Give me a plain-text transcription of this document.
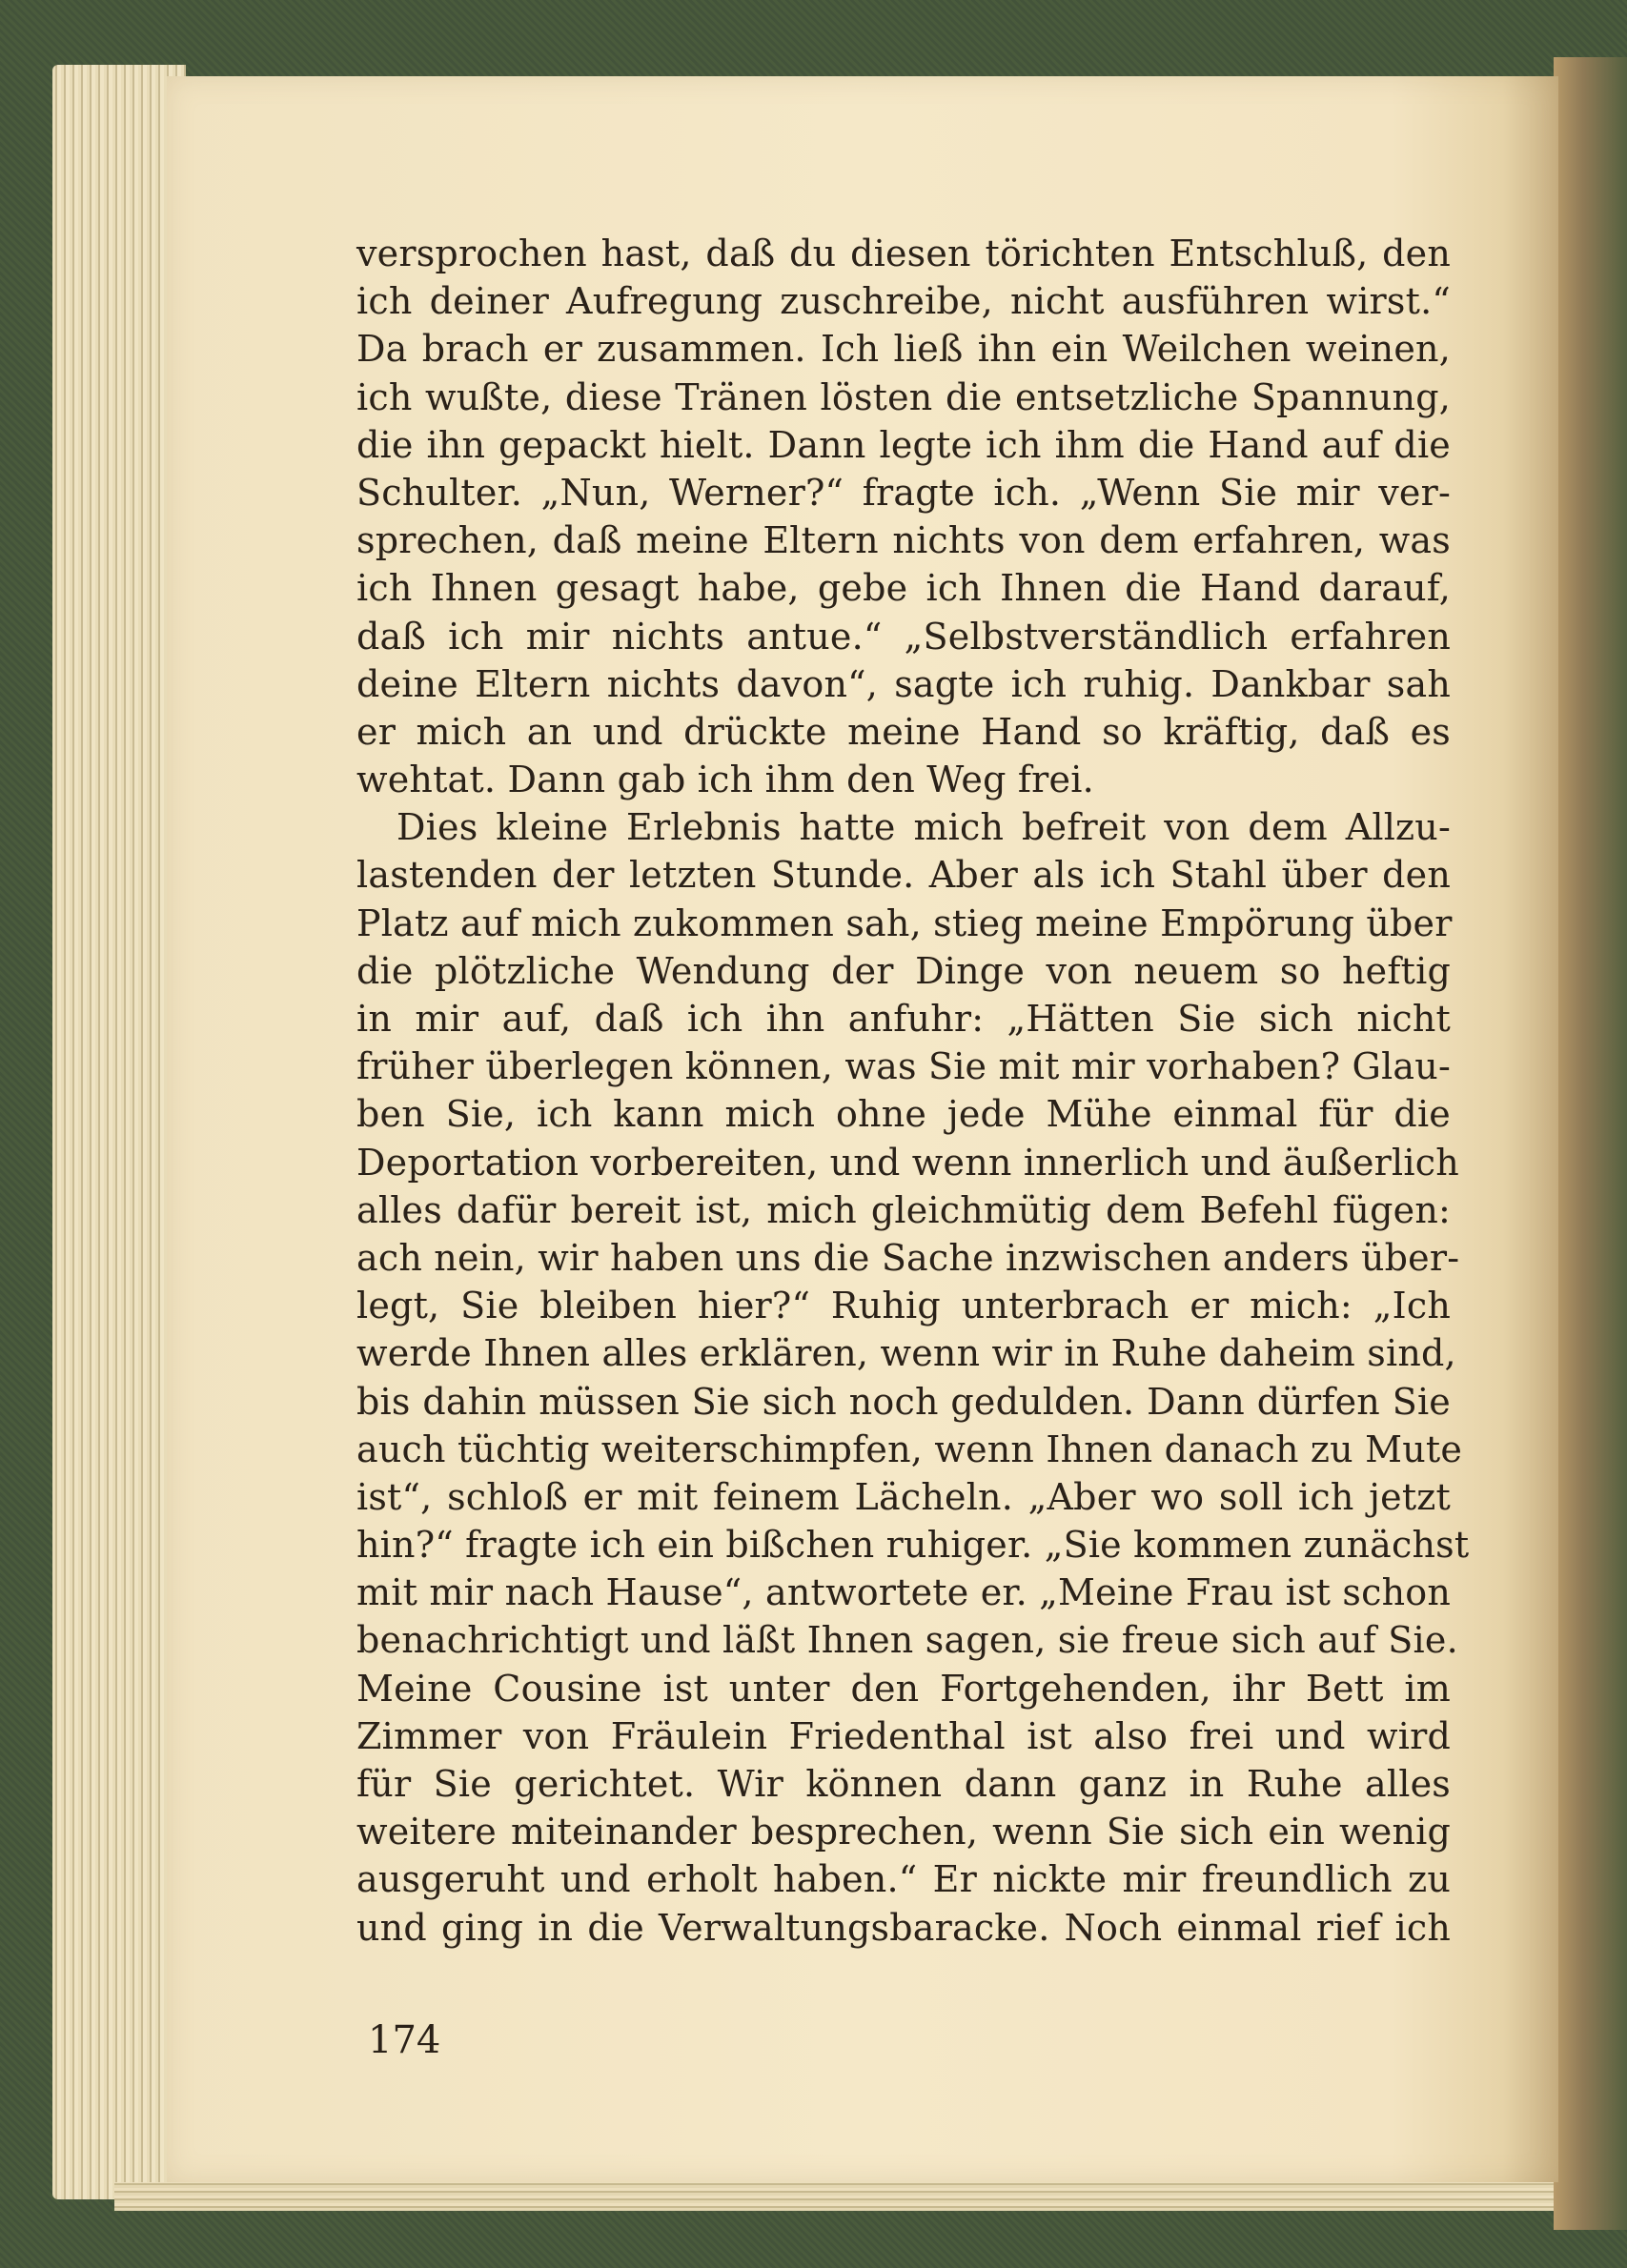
versprochen hast, daß du diesen törichten Entschluß, den
ich deiner Aufregung zuschreibe, nicht ausführen wirst.“
Da brach er zusammen. Ich ließ ihn ein Weilchen weinen,
ich wußte, diese Tränen lösten die entsetzliche Spannung,
die ihn gepackt hielt. Dann legte ich ihm die Hand auf die
Schulter. „Nun, Werner?“ fragte ich. „Wenn Sie mir ver-
sprechen, daß meine Eltern nichts von dem erfahren, was
ich Ihnen gesagt habe, gebe ich Ihnen die Hand darauf,
daß ich mir nichts antue.“ „Selbstverständlich erfahren
deine Eltern nichts davon“, sagte ich ruhig. Dankbar sah
er mich an und drückte meine Hand so kräftig, daß es
wehtat. Dann gab ich ihm den Weg frei.
Dies kleine Erlebnis hatte mich befreit von dem Allzu-
lastenden der letzten Stunde. Aber als ich Stahl über den
Platz auf mich zukommen sah, stieg meine Empörung über
die plötzliche Wendung der Dinge von neuem so heftig
in mir auf, daß ich ihn anfuhr: „Hätten Sie sich nicht
früher überlegen können, was Sie mit mir vorhaben? Glau-
ben Sie, ich kann mich ohne jede Mühe einmal für die
Deportation vorbereiten, und wenn innerlich und äußerlich
alles dafür bereit ist, mich gleichmütig dem Befehl fügen:
ach nein, wir haben uns die Sache inzwischen anders über-
legt, Sie bleiben hier?“ Ruhig unterbrach er mich: „Ich
werde Ihnen alles erklären, wenn wir in Ruhe daheim sind,
bis dahin müssen Sie sich noch gedulden. Dann dürfen Sie
auch tüchtig weiterschimpfen, wenn Ihnen danach zu Mute
ist“, schloß er mit feinem Lächeln. „Aber wo soll ich jetzt
hin?“ fragte ich ein bißchen ruhiger. „Sie kommen zunächst
mit mir nach Hause“, antwortete er. „Meine Frau ist schon
benachrichtigt und läßt Ihnen sagen, sie freue sich auf Sie.
Meine Cousine ist unter den Fortgehenden, ihr Bett im
Zimmer von Fräulein Friedenthal ist also frei und wird
für Sie gerichtet. Wir können dann ganz in Ruhe alles
weitere miteinander besprechen, wenn Sie sich ein wenig
ausgeruht und erholt haben.“ Er nickte mir freundlich zu
und ging in die Verwaltungsbaracke. Noch einmal rief ich
174
